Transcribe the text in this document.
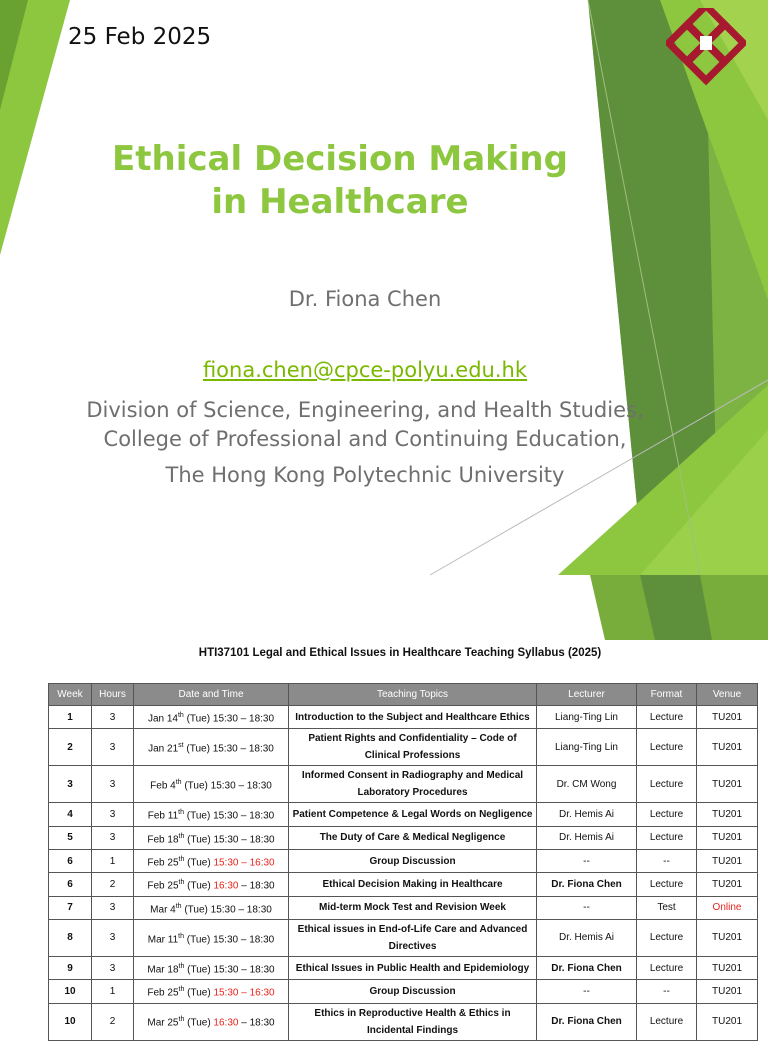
25 Feb 2025
Ethical Decision Making
in Healthcare
Dr. Fiona Chen
fiona.chen@cpce-polyu.edu.hk
Division of Science, Engineering, and Health Studies,
College of Professional and Continuing Education,
The Hong Kong Polytechnic University
HTI37101 Legal and Ethical Issues in Healthcare Teaching Syllabus (2025)
Week	Hours	Date and Time	Teaching Topics	Lecturer	Format	Venue
1	3	Jan 14th (Tue) 15:30 – 18:30	Introduction to the Subject and Healthcare Ethics	Liang-Ting Lin	Lecture	TU201
2	3	Jan 21st (Tue) 15:30 – 18:30	Patient Rights and Confidentiality – Code of Clinical Professions	Liang-Ting Lin	Lecture	TU201
3	3	Feb 4th (Tue) 15:30 – 18:30	Informed Consent in Radiography and Medical Laboratory Procedures	Dr. CM Wong	Lecture	TU201
4	3	Feb 11th (Tue) 15:30 – 18:30	Patient Competence & Legal Words on Negligence	Dr. Hemis Ai	Lecture	TU201
5	3	Feb 18th (Tue) 15:30 – 18:30	The Duty of Care & Medical Negligence	Dr. Hemis Ai	Lecture	TU201
6	1	Feb 25th (Tue) 15:30 – 16:30	Group Discussion	--	--	TU201
6	2	Feb 25th (Tue) 16:30 – 18:30	Ethical Decision Making in Healthcare	Dr. Fiona Chen	Lecture	TU201
7	3	Mar 4th (Tue) 15:30 – 18:30	Mid-term Mock Test and Revision Week	--	Test	Online
8	3	Mar 11th (Tue) 15:30 – 18:30	Ethical issues in End-of-Life Care and Advanced Directives	Dr. Hemis Ai	Lecture	TU201
9	3	Mar 18th (Tue) 15:30 – 18:30	Ethical Issues in Public Health and Epidemiology	Dr. Fiona Chen	Lecture	TU201
10	1	Feb 25th (Tue) 15:30 – 16:30	Group Discussion	--	--	TU201
10	2	Mar 25th (Tue) 16:30 – 18:30	Ethics in Reproductive Health & Ethics in Incidental Findings	Dr. Fiona Chen	Lecture	TU201
